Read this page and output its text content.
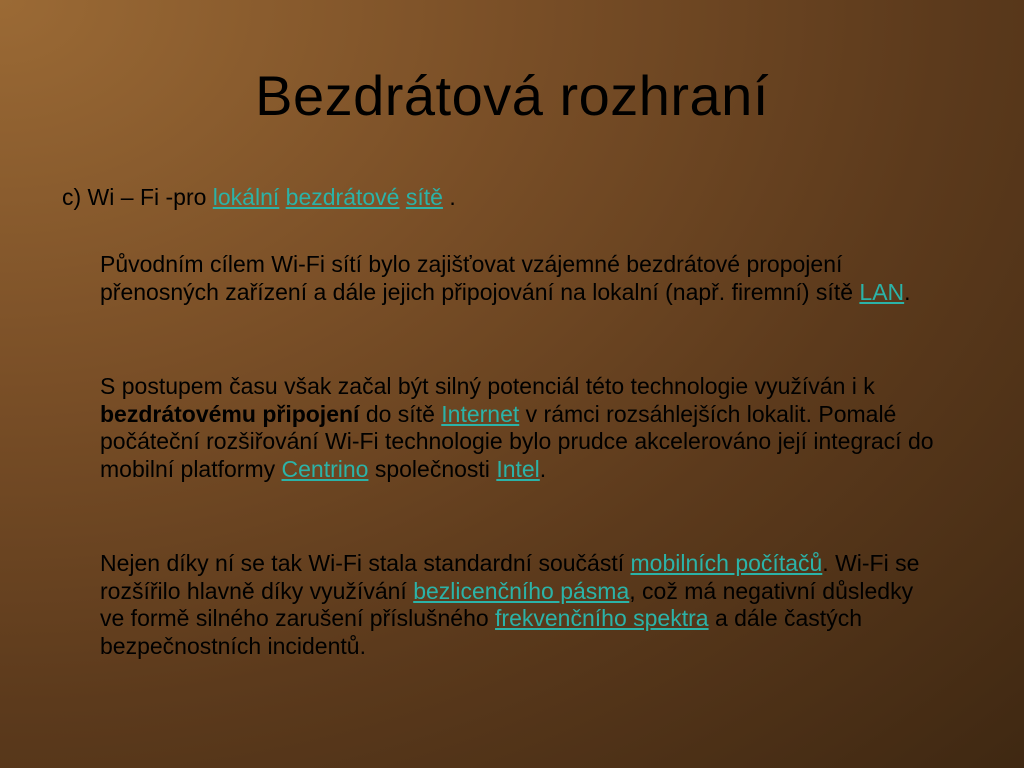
Bezdrátová rozhraní
c) Wi – Fi -pro lokální bezdrátové sítě .
Původním cílem Wi-Fi sítí bylo zajišťovat vzájemné bezdrátové propojení přenosných zařízení a dále jejich připojování na lokalní (např. firemní) sítě LAN.
S postupem času však začal být silný potenciál této technologie využíván i k bezdrátovému připojení do sítě Internet v rámci rozsáhlejších lokalit. Pomalé počáteční rozšiřování Wi-Fi technologie bylo prudce akcelerováno její integrací do mobilní platformy Centrino společnosti Intel.
Nejen díky ní se tak Wi-Fi stala standardní součástí mobilních počítačů. Wi-Fi se rozšířilo hlavně díky využívání bezlicenčního pásma, což má negativní důsledky ve formě silného zarušení příslušného frekvenčního spektra a dále častých bezpečnostních incidentů.
